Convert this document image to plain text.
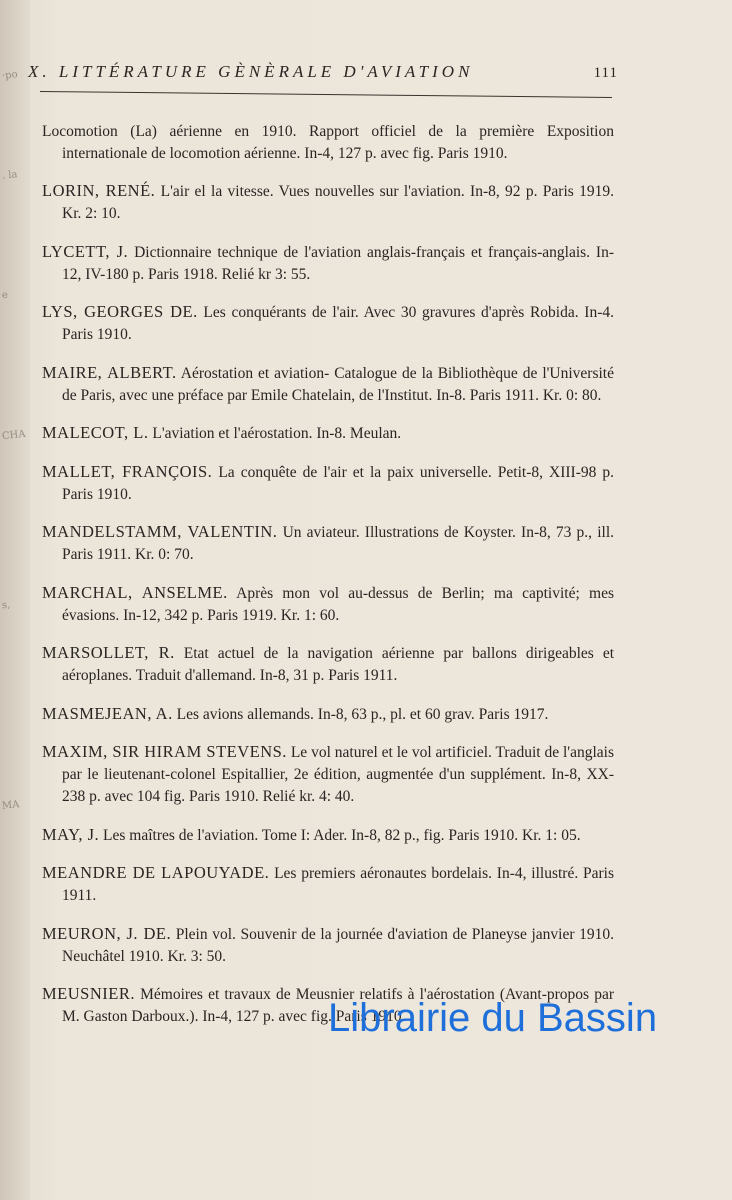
·po
. la
e
CHA
s,
MA
X. LITTÉRATURE GÈNÈRALE D'AVIATION	111

Locomotion (La) aérienne en 1910. Rapport officiel de la première Exposition internationale de locomotion aérienne. In-4, 127 p. avec fig. Paris 1910.

LORIN, RENÉ. L'air el la vitesse. Vues nouvelles sur l'aviation. In-8, 92 p. Paris 1919. Kr. 2: 10.

LYCETT, J. Dictionnaire technique de l'aviation anglais-français et français-anglais. In-12, IV-180 p. Paris 1918. Relié kr 3: 55.

LYS, GEORGES DE. Les conquérants de l'air. Avec 30 gravures d'après Robida. In-4. Paris 1910.

MAIRE, ALBERT. Aérostation et aviation- Catalogue de la Bibliothèque de l'Université de Paris, avec une préface par Emile Chatelain, de l'Institut. In-8. Paris 1911. Kr. 0: 80.

MALECOT, L. L'aviation et l'aérostation. In-8. Meulan.

MALLET, FRANÇOIS. La conquête de l'air et la paix universelle. Petit-8, XIII-98 p. Paris 1910.

MANDELSTAMM, VALENTIN. Un aviateur. Illustrations de Koyster. In-8, 73 p., ill. Paris 1911. Kr. 0: 70.

MARCHAL, ANSELME. Après mon vol au-dessus de Berlin; ma captivité; mes évasions. In-12, 342 p. Paris 1919. Kr. 1: 60.

MARSOLLET, R. Etat actuel de la navigation aérienne par ballons dirigeables et aéroplanes. Traduit d'allemand. In-8, 31 p. Paris 1911.

MASMEJEAN, A. Les avions allemands. In-8, 63 p., pl. et 60 grav. Paris 1917.

MAXIM, SIR HIRAM STEVENS. Le vol naturel et le vol artificiel. Traduit de l'anglais par le lieutenant-colonel Espitallier, 2e édition, augmentée d'un supplément. In-8, XX-238 p. avec 104 fig. Paris 1910. Relié kr. 4: 40.

MAY, J. Les maîtres de l'aviation. Tome I: Ader. In-8, 82 p., fig. Paris 1910. Kr. 1: 05.

MEANDRE DE LAPOUYADE. Les premiers aéronautes bordelais. In-4, illustré. Paris 1911.

MEURON, J. DE. Plein vol. Souvenir de la journée d'aviation de Planeyse janvier 1910. Neuchâtel 1910. Kr. 3: 50.

MEUSNIER. Mémoires et travaux de Meusnier relatifs à l'aérostation (Avant-propos par M. Gaston Darboux.). In-4, 127 p. avec fig. Paris 1910.

Librairie du Bassin
